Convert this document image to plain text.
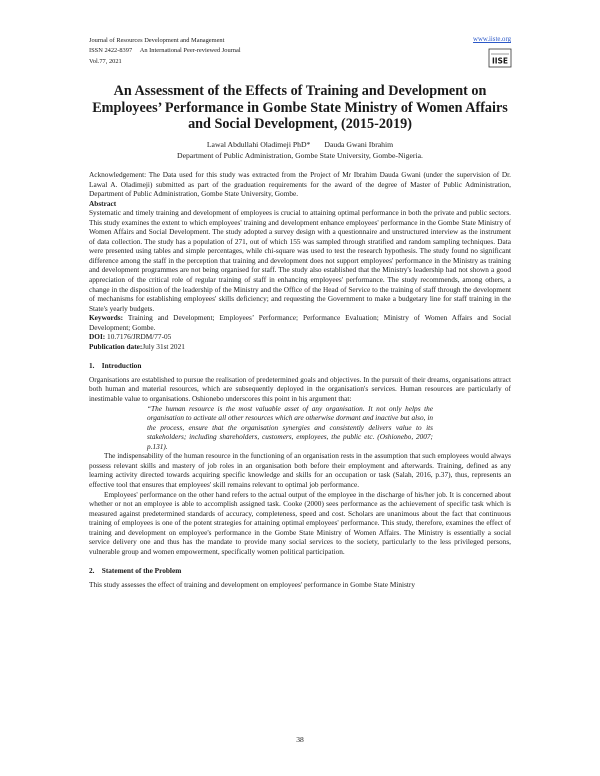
Journal of Resources Development and Management
ISSN 2422-8397     An International Peer-reviewed Journal
Vol.77, 2021
www.iiste.org
IISE
An Assessment of the Effects of Training and Development on Employees’ Performance in Gombe State Ministry of Women Affairs and Social Development, (2015-2019)
Lawal Abdullahi Oladimeji PhD* Dauda Gwani Ibrahim
Department of Public Administration, Gombe State University, Gombe-Nigeria.

Acknowledgement: The Data used for this study was extracted from the Project of Mr Ibrahim Dauda Gwani (under the supervision of Dr. Lawal A. Oladimeji) submitted as part of the graduation requirements for the award of the degree of Master of Public Administration, Department of Public Administration, Gombe State University, Gombe.

Abstract

Systematic and timely training and development of employees is crucial to attaining optimal performance in both the private and public sectors. This study examines the extent to which employees' training and development enhance employees' performance in the Gombe State Ministry of Women Affairs and Social Development. The study adopted a survey design with a questionnaire and unstructured interview as the instrument of data collection. The study has a population of 271, out of which 155 was sampled through stratified and random sampling techniques. Data were presented using tables and simple percentages, while chi-square was used to test the research hypothesis. The study found no significant difference among the staff in the perception that training and development does not support employees' performance in the Ministry as training and development programmes are not being organised for staff. The study also established that the Ministry's leadership had not shown a good appreciation of the critical role of regular training of staff in enhancing employees' performance. The study recommends, among others, a change in the disposition of the leadership of the Ministry and the Office of the Head of Service to the training of staff through the development of mechanisms for establishing employees' skills deficiency; and requesting the Government to make a budgetary line for staff training in the State's yearly budgets.

Keywords: Training and Development; Employees’ Performance; Performance Evaluation; Ministry of Women Affairs and Social Development; Gombe.

DOI: 10.7176/JRDM/77-05

Publication date:July 31st 2021

1.    Introduction

Organisations are established to pursue the realisation of predetermined goals and objectives. In the pursuit of their dreams, organisations attract both human and material resources, which are subsequently deployed in the organisation's services. Human resources are particularly of inestimable value to organisations. Oshionebo underscores this point in his argument that:

“The human resource is the most valuable asset of any organisation. It not only helps the organisation to activate all other resources which are otherwise dormant and inactive but also, in the process, ensure that the organisation synergies and consistently delivers value to its stakeholders; including shareholders, customers, employees, the public etc. (Oshionebo, 2007; p.131).

The indispensability of the human resource in the functioning of an organisation rests in the assumption that such employees would always possess relevant skills and mastery of job roles in an organisation both before their employment and afterwards. Training, defined as any learning activity directed towards acquiring specific knowledge and skills for an occupation or task (Salah, 2016, p.37), thus, represents an effective tool that ensures that employees' skill remains relevant to optimal job performance.

Employees' performance on the other hand refers to the actual output of the employee in the discharge of his/her job. It is concerned about whether or not an employee is able to accomplish assigned task. Cooke (2000) sees performance as the achievement of specific task which is measured against predetermined standards of accuracy, completeness, speed and cost. Scholars are unanimous about the fact that continuous training of employees is one of the potent strategies for attaining optimal employees' performance. This study, therefore, examines the effect of training and development on employee's performance in the Gombe State Ministry of Women Affairs. The Ministry is essentially a social service delivery one and thus has the mandate to provide many social services to the society, particularly to the less privileged persons, vulnerable group and women empowerment, specifically women political participation.

2.    Statement of the Problem

This study assesses the effect of training and development on employees' performance in Gombe State Ministry

38
